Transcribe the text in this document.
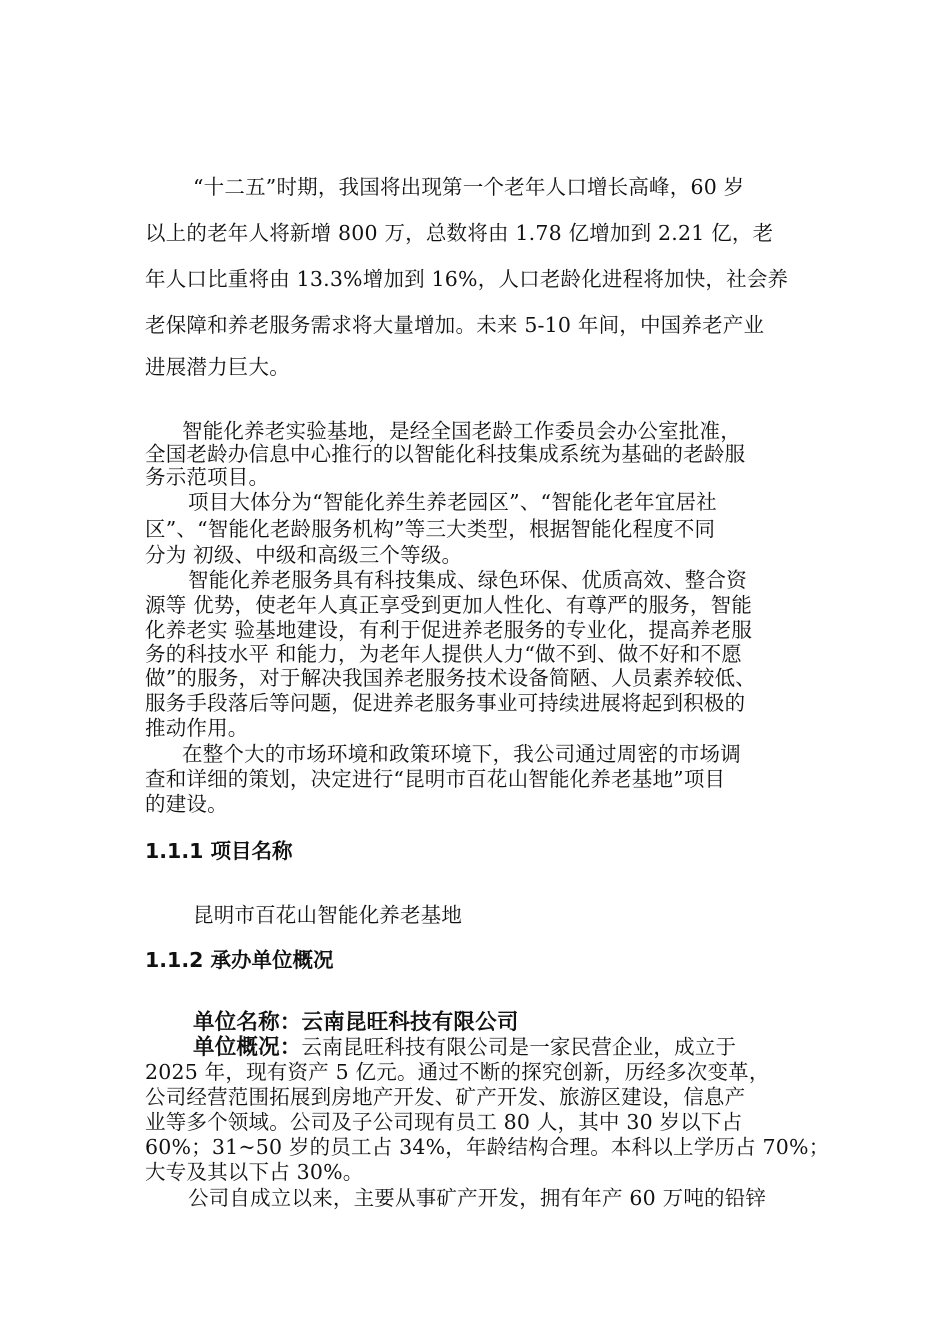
“十二五”时期，我国将出现第一个老年人口增长高峰，60 岁
以上的老年人将新增 800 万，总数将由 1.78 亿增加到 2.21 亿，老
年人口比重将由 13.3%增加到 16%，人口老龄化进程将加快，社会养
老保障和养老服务需求将大量增加。未来 5-10 年间，中国养老产业
进展潜力巨大。
智能化养老实验基地，是经全国老龄工作委员会办公室批准，
全国老龄办信息中心推行的以智能化科技集成系统为基础的老龄服
务示范项目。
项目大体分为“智能化养生养老园区”、“智能化老年宜居社
区”、“智能化老龄服务机构”等三大类型，根据智能化程度不同
分为 初级、中级和高级三个等级。
智能化养老服务具有科技集成、绿色环保、优质高效、整合资
源等 优势，使老年人真正享受到更加人性化、有尊严的服务，智能
化养老实 验基地建设，有利于促进养老服务的专业化，提高养老服
务的科技水平 和能力，为老年人提供人力“做不到、做不好和不愿
做”的服务，对于解决我国养老服务技术设备简陋、人员素养较低、
服务手段落后等问题，促进养老服务事业可持续进展将起到积极的
推动作用。
在整个大的市场环境和政策环境下，我公司通过周密的市场调
查和详细的策划，决定进行“昆明市百花山智能化养老基地”项目
的建设。
1.1.1 项目名称
昆明市百花山智能化养老基地
1.1.2 承办单位概况
单位名称：云南昆旺科技有限公司
单位概况：云南昆旺科技有限公司是一家民营企业，成立于
2025 年，现有资产 5 亿元。通过不断的探究创新，历经多次变革，
公司经营范围拓展到房地产开发、矿产开发、旅游区建设，信息产
业等多个领域。公司及子公司现有员工 80 人，其中 30 岁以下占
60%；31~50 岁的员工占 34%，年龄结构合理。本科以上学历占 70%；
大专及其以下占 30%。
公司自成立以来，主要从事矿产开发，拥有年产 60 万吨的铅锌
